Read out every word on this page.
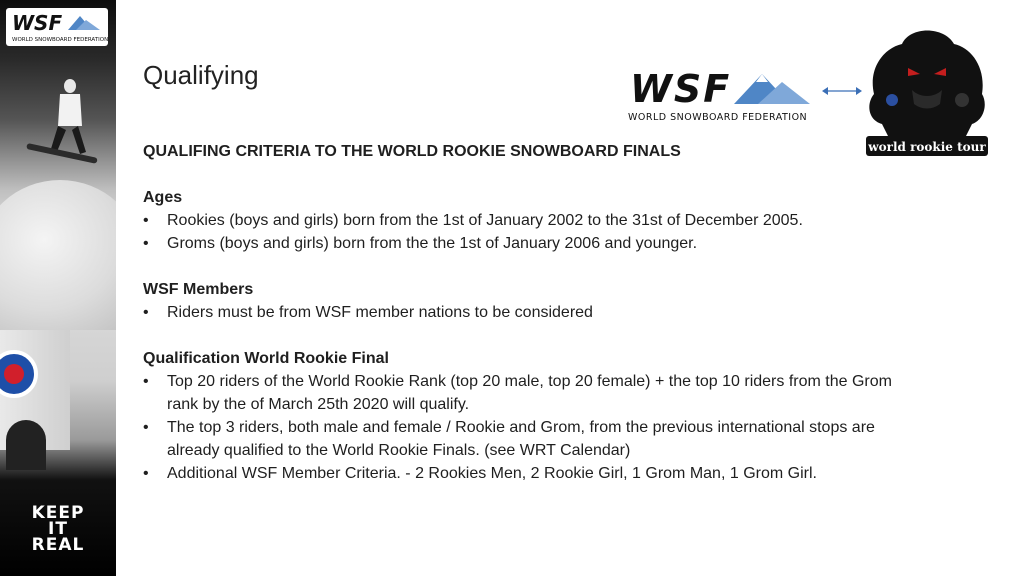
WSF
WORLD SNOWBOARD FEDERATION
KEEP
IT
REAL
Qualifying	WSF
WORLD SNOWBOARD FEDERATION
world rookie tour
QUALIFING CRITERIA TO THE WORLD ROOKIE SNOWBOARD FINALS
Ages
• Rookies (boys and girls) born from the 1st of January 2002 to the 31st of December 2005.
• Groms (boys and girls) born from the the 1st of January 2006 and younger.
WSF Members
• Riders must be from WSF member nations to be considered
Qualification World Rookie Final
• Top 20 riders of the World Rookie Rank (top 20 male, top 20 female) + the top 10 riders from the Grom rank by the of March 25th 2020 will qualify.
• The top 3 riders, both male and female / Rookie and Grom, from the previous international stops are already qualified to the World Rookie Finals. (see WRT Calendar)
• Additional WSF Member Criteria. - 2 Rookies Men, 2 Rookie Girl, 1 Grom Man, 1 Grom Girl.
